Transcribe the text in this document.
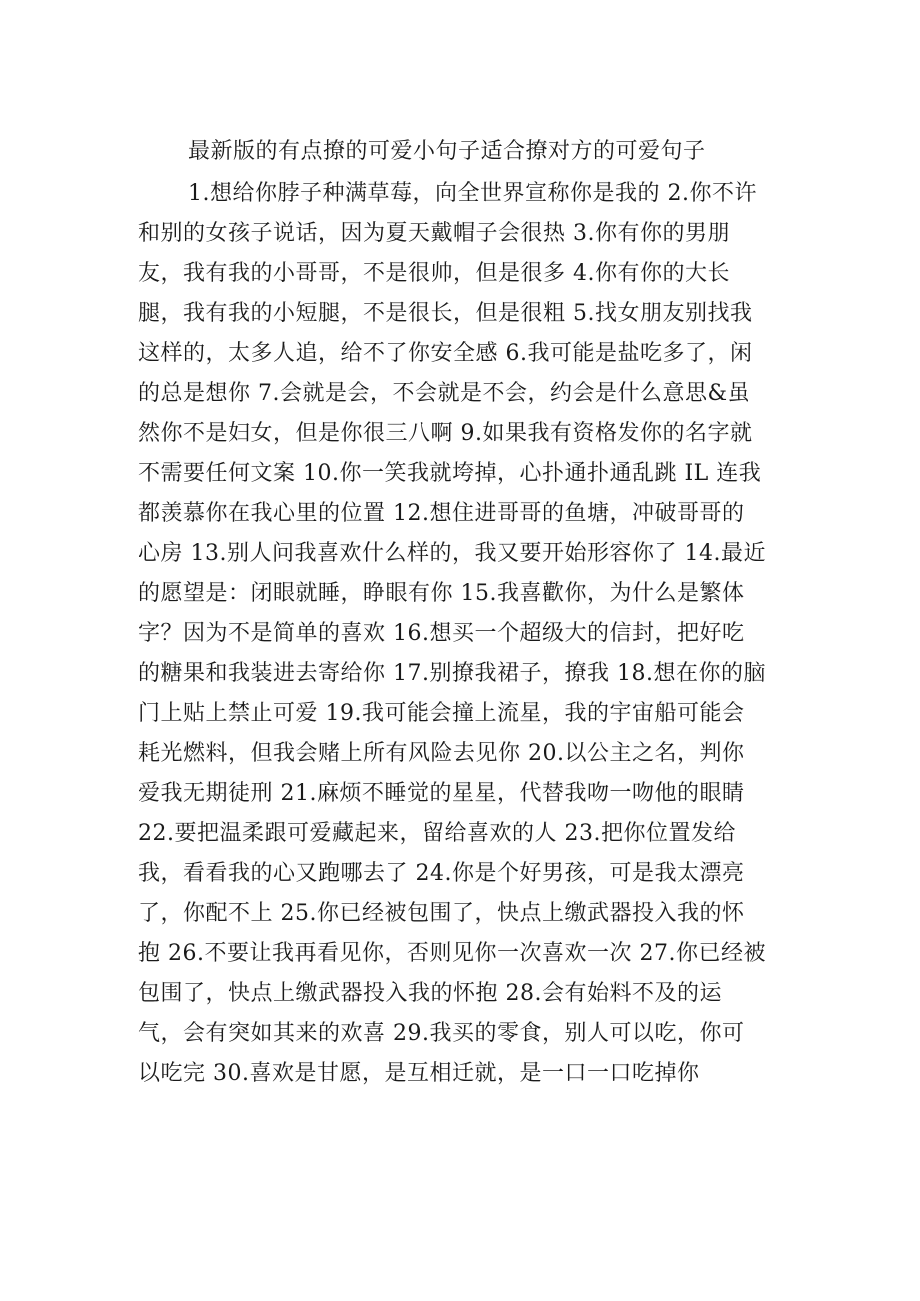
最新版的有点撩的可爱小句子适合撩对方的可爱句子
1.想给你脖子种满草莓，向全世界宣称你是我的 2.你不许
和别的女孩子说话，因为夏天戴帽子会很热 3.你有你的男朋
友，我有我的小哥哥，不是很帅，但是很多 4.你有你的大长
腿，我有我的小短腿，不是很长，但是很粗 5.找女朋友别找我
这样的，太多人追，给不了你安全感 6.我可能是盐吃多了，闲
的总是想你 7.会就是会，不会就是不会，约会是什么意思&虽
然你不是妇女，但是你很三八啊 9.如果我有资格发你的名字就
不需要任何文案 10.你一笑我就垮掉，心扑通扑通乱跳 IL 连我
都羡慕你在我心里的位置 12.想住进哥哥的鱼塘，冲破哥哥的
心房 13.别人问我喜欢什么样的，我又要开始形容你了 14.最近
的愿望是：闭眼就睡，睁眼有你 15.我喜歡你，为什么是繁体
字？因为不是简单的喜欢 16.想买一个超级大的信封，把好吃
的糖果和我装进去寄给你 17.别撩我裙子，撩我 18.想在你的脑
门上贴上禁止可爱 19.我可能会撞上流星，我的宇宙船可能会
耗光燃料，但我会赌上所有风险去见你 20.以公主之名，判你
爱我无期徒刑 21.麻烦不睡觉的星星，代替我吻一吻他的眼睛
22.要把温柔跟可爱藏起来，留给喜欢的人 23.把你位置发给
我，看看我的心又跑哪去了 24.你是个好男孩，可是我太漂亮
了，你配不上 25.你已经被包围了，快点上缴武器投入我的怀
抱 26.不要让我再看见你，否则见你一次喜欢一次 27.你已经被
包围了，快点上缴武器投入我的怀抱 28.会有始料不及的运
气，会有突如其来的欢喜 29.我买的零食，别人可以吃，你可
以吃完 30.喜欢是甘愿，是互相迁就，是一口一口吃掉你
